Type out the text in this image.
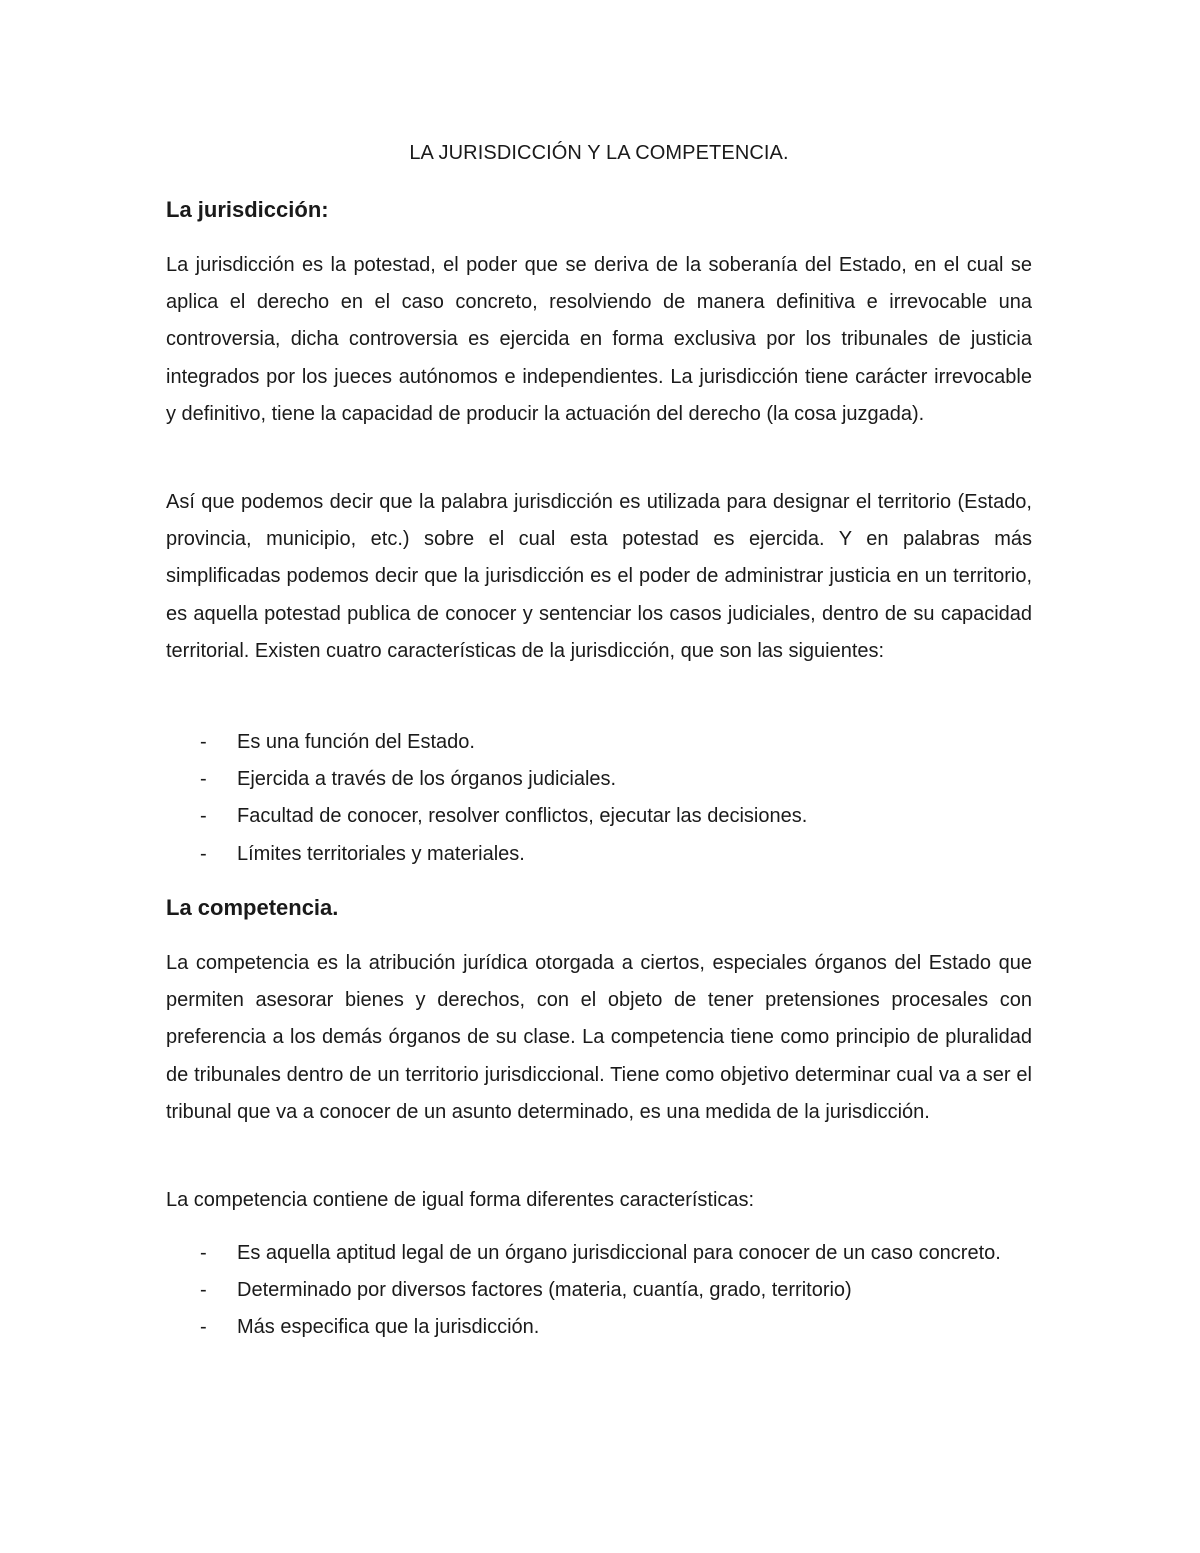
LA JURISDICCIÓN Y LA COMPETENCIA.
La jurisdicción:

La jurisdicción es la potestad, el poder que se deriva de la soberanía del Estado, en el cual se aplica el derecho en el caso concreto, resolviendo de manera definitiva e irrevocable una controversia, dicha controversia es ejercida en forma exclusiva por los tribunales de justicia integrados por los jueces autónomos e independientes. La jurisdicción tiene carácter irrevocable y definitivo, tiene la capacidad de producir la actuación del derecho (la cosa juzgada).

Así que podemos decir que la palabra jurisdicción es utilizada para designar el territorio (Estado, provincia, municipio, etc.) sobre el cual esta potestad es ejercida. Y en palabras más simplificadas podemos decir que la jurisdicción es el poder de administrar justicia en un territorio, es aquella potestad publica de conocer y sentenciar los casos judiciales, dentro de su capacidad territorial. Existen cuatro características de la jurisdicción, que son las siguientes:

- Es una función del Estado.
- Ejercida a través de los órganos judiciales.
- Facultad de conocer, resolver conflictos, ejecutar las decisiones.
- Límites territoriales y materiales.
La competencia.

La competencia es la atribución jurídica otorgada a ciertos, especiales órganos del Estado que permiten asesorar bienes y derechos, con el objeto de tener pretensiones procesales con preferencia a los demás órganos de su clase. La competencia tiene como principio de pluralidad de tribunales dentro de un territorio jurisdiccional. Tiene como objetivo determinar cual va a ser el tribunal que va a conocer de un asunto determinado, es una medida de la jurisdicción.

La competencia contiene de igual forma diferentes características:

- Es aquella aptitud legal de un órgano jurisdiccional para conocer de un caso concreto.
- Determinado por diversos factores (materia, cuantía, grado, territorio)
- Más especifica que la jurisdicción.
